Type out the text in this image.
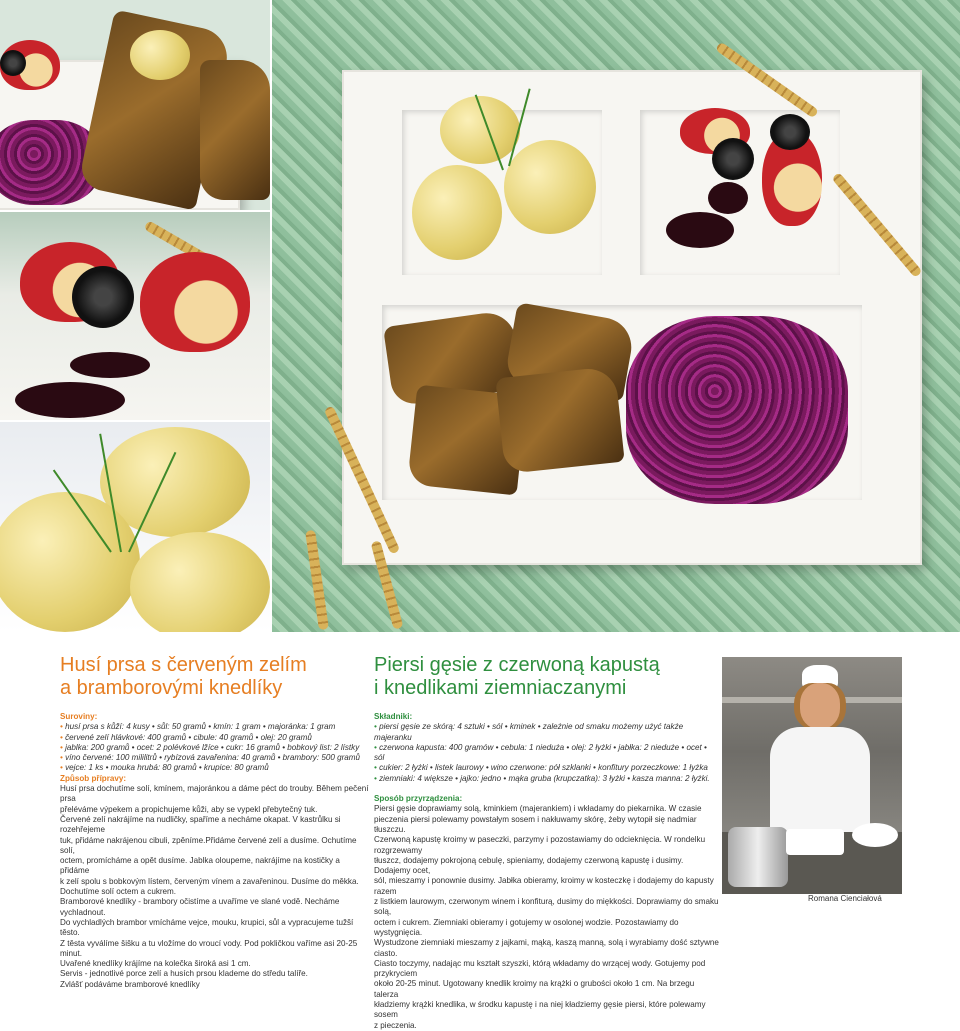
Husí prsa s červeným zelím
a bramborovými knedlíky

Suroviny:

• husí prsa s kůží: 4 kusy • sůl: 50 gramů • kmín: 1 gram • majoránka: 1 gram

• červené zelí hlávkové: 400 gramů • cibule: 40 gramů • olej: 20 gramů

• jablka: 200 gramů • ocet: 2 polévkové lžíce • cukr: 16 gramů • bobkový list: 2 lístky

• víno červené: 100 mililitrů • rybízová zavařenina: 40 gramů • brambory: 500 gramů

• vejce: 1 ks • mouka hrubá: 80 gramů • krupice: 80 gramů

Způsob přípravy:

Husí prsa dochutíme solí, kmínem, majoránkou a dáme péct do trouby. Během pečení prsa

přeléváme výpekem a propichujeme kůži, aby se vypekl přebytečný tuk.

Červené zelí nakrájíme na nudličky, spaříme a necháme okapat. V kastrůlku si rozehřejeme

tuk, přidáme nakrájenou cibuli, zpěníme.Přidáme červené zelí a dusíme. Ochutíme solí,

octem, promícháme a opět dusíme. Jablka oloupeme, nakrájíme na kostičky a přidáme

k zelí spolu s bobkovým lístem, červeným vínem a zavařeninou. Dusíme do měkka.

Dochutíme solí octem a cukrem.

Bramborové knedlíky - brambory očistíme a uvaříme ve slané vodě. Necháme vychladnout.

Do vychladlých brambor vmícháme vejce, mouku, krupici, sůl a vypracujeme tužší těsto.

Z těsta vyválíme šišku a tu vložíme do vroucí vody. Pod pokličkou vaříme asi 20-25 minut.

Uvařené knedlíky krájíme na kolečka široká asi 1 cm.

Servis - jednotlivé porce zelí a husích prsou klademe do středu talíře.

Zvlášť podáváme bramborové knedlíky

Piersi gęsie z czerwoną kapustą
i knedlikami ziemniaczanymi

Składniki:

• piersi gęsie ze skórą: 4 sztuki • sól • kminek • zależnie od smaku możemy użyć także majeranku

• czerwona kapusta: 400 gramów • cebula: 1 nieduża • olej: 2 łyżki • jabłka: 2 nieduże • ocet • sól

• cukier: 2 łyżki • listek laurowy • wino czerwone: pół szklanki • konfitury porzeczkowe: 1 łyżka

• ziemniaki: 4 większe • jajko: jedno • mąka gruba (krupczatka): 3 łyżki • kasza manna: 2 łyżki.

Sposób przyrządzenia:

Piersi gęsie doprawiamy solą, kminkiem (majerankiem) i wkładamy do piekarnika. W czasie

pieczenia piersi polewamy powstałym sosem i nakłuwamy skórę, żeby wytopił się nadmiar tłuszczu.

Czerwoną kapustę kroimy w paseczki, parzymy i pozostawiamy do odcieknięcia. W rondelku rozgrzewamy

tłuszcz, dodajemy pokrojoną cebulę, spieniamy, dodajemy czerwoną kapustę i dusimy. Dodajemy ocet,

sól, mieszamy i ponownie dusimy. Jabłka obieramy, kroimy w kosteczkę i dodajemy do kapusty razem

z listkiem laurowym, czerwonym winem i konfiturą, dusimy do miękkości. Doprawiamy do smaku solą,

octem i cukrem. Ziemniaki obieramy i gotujemy w osolonej wodzie. Pozostawiamy do wystygnięcia.

Wystudzone ziemniaki mieszamy z jajkami, mąką, kaszą manną, solą i wyrabiamy dość sztywne ciasto.

Ciasto toczymy, nadając mu kształt szyszki, którą wkładamy do wrzącej wody. Gotujemy pod przykryciem

około 20-25 minut. Ugotowany knedlik kroimy na krążki o grubości około 1 cm. Na brzegu talerza

kładziemy krążki knedlika, w środku kapustę i na niej kładziemy gęsie piersi, które polewamy sosem

z pieczenia.

Romana Cienciałová
